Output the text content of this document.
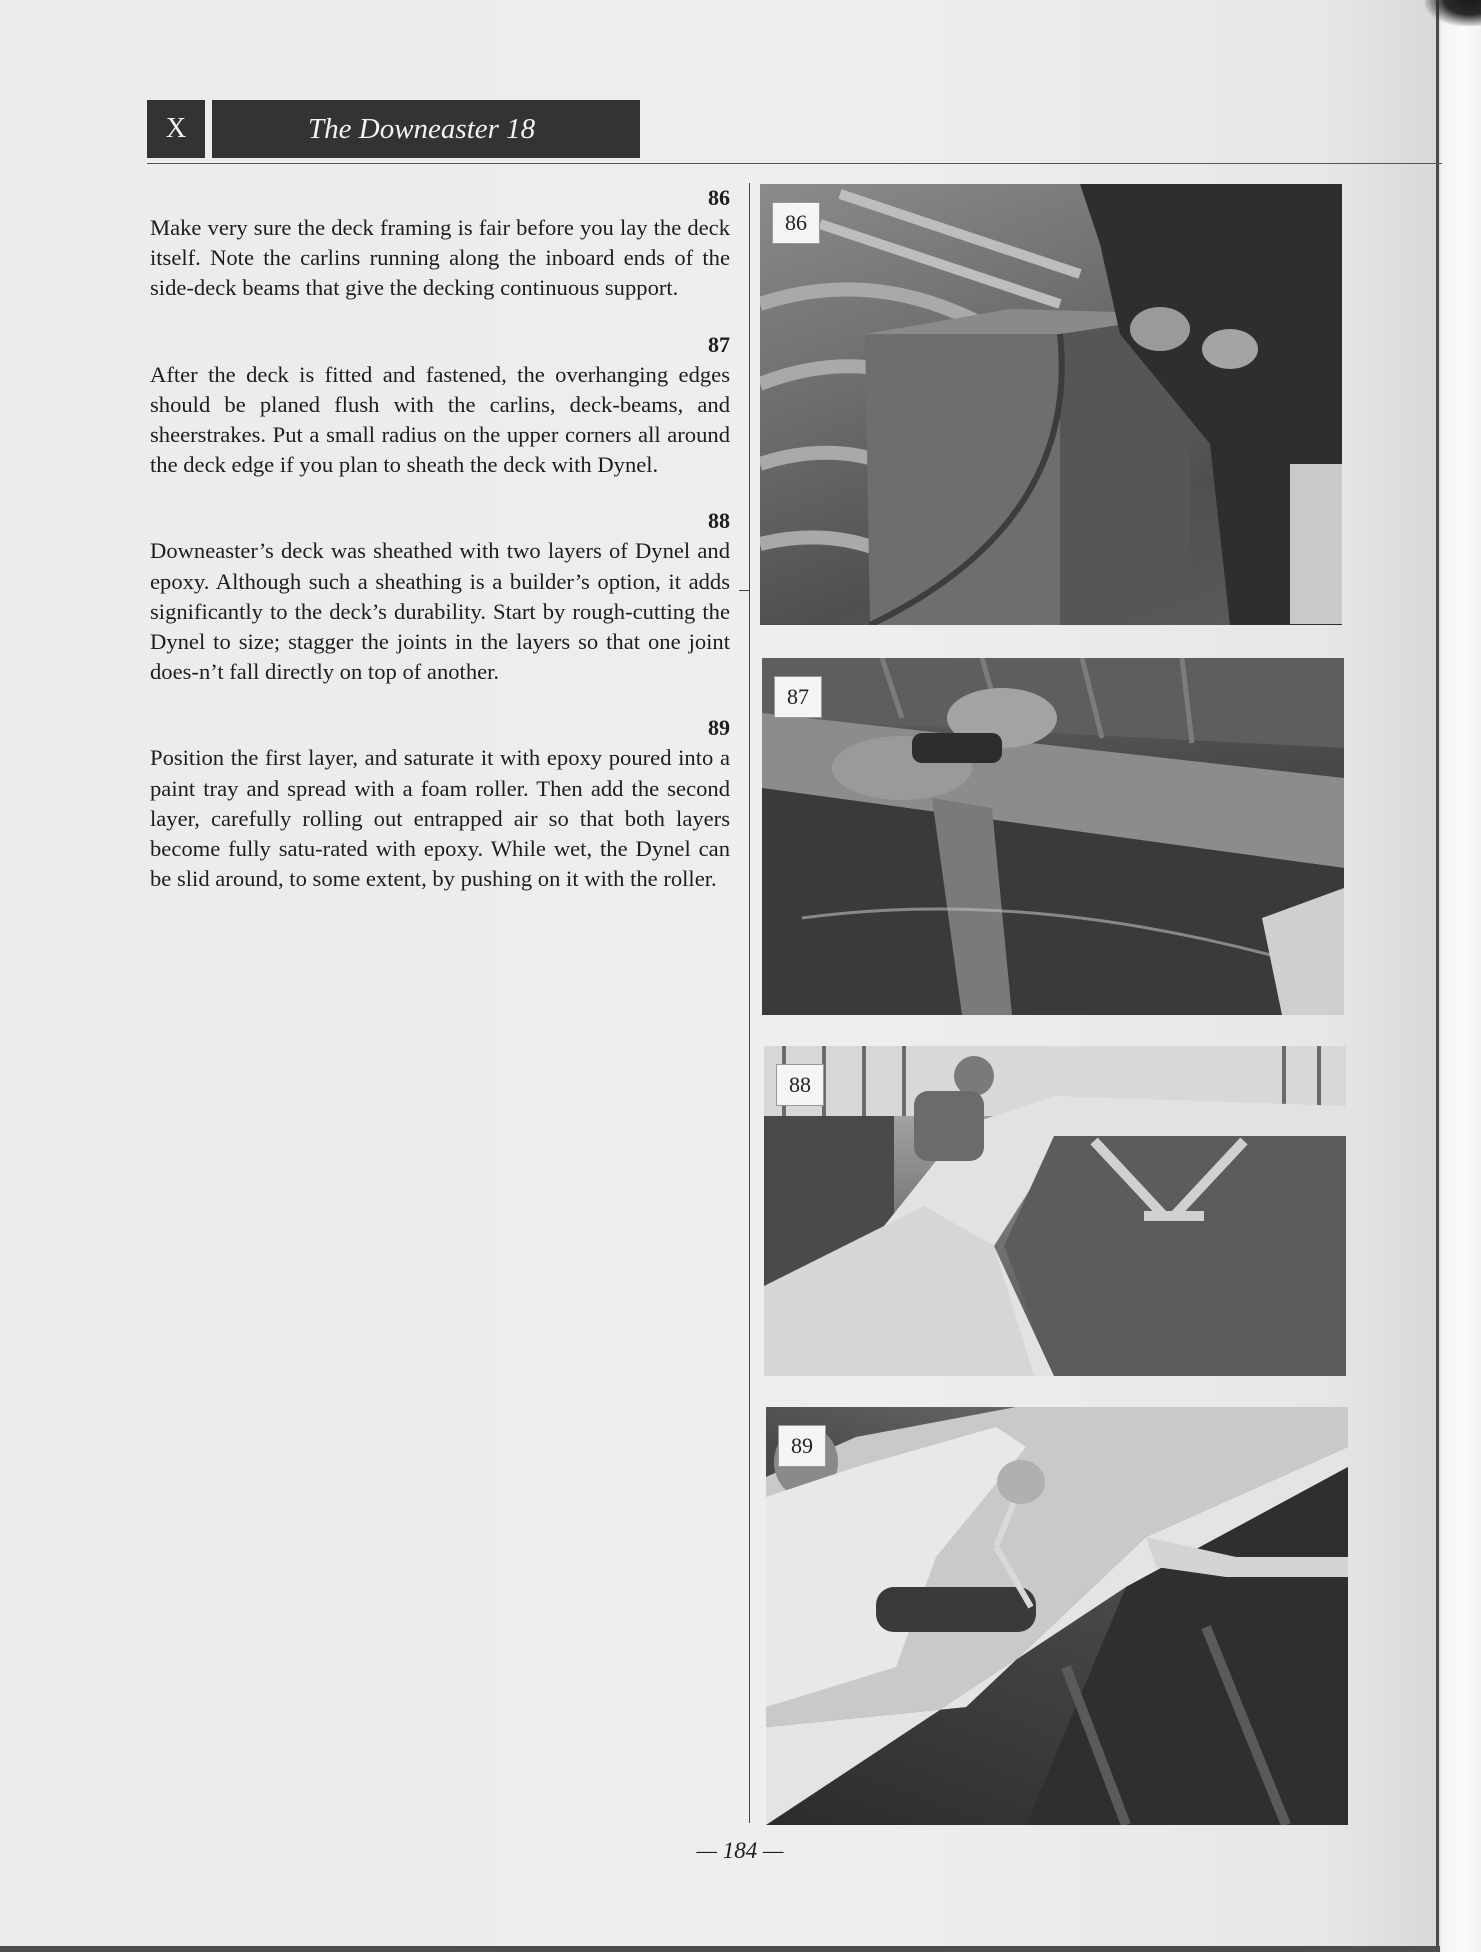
X	The Downeaster 18

86

Make very sure the deck framing is fair before you lay the deck itself. Note the carlins running along the inboard ends of the side-deck beams that give the decking continuous support.

87

After the deck is fitted and fastened, the overhanging edges should be planed flush with the carlins, deck-beams, and sheerstrakes. Put a small radius on the upper corners all around the deck edge if you plan to sheath the deck with Dynel.

88

Downeaster’s deck was sheathed with two layers of Dynel and epoxy. Although such a sheathing is a builder’s option, it adds significantly to the deck’s durability. Start by rough-cutting the Dynel to size; stagger the joints in the layers so that one joint does-n’t fall directly on top of another.

89

Position the first layer, and saturate it with epoxy poured into a paint tray and spread with a foam roller. Then add the second layer, carefully rolling out entrapped air so that both layers become fully satu-rated with epoxy. While wet, the Dynel can be slid around, to some extent, by pushing on it with the roller.

86
87
88
89
— 184 —
